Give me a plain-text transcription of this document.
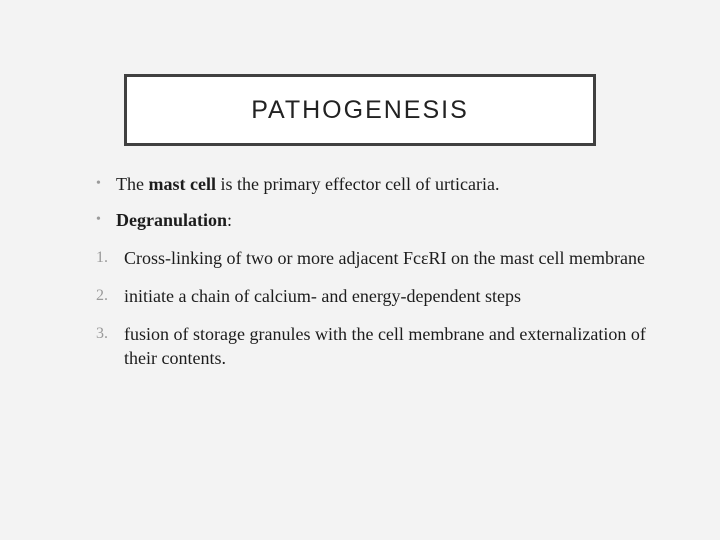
PATHOGENESIS
• The mast cell is the primary effector cell of urticaria.
• Degranulation:
1. Cross-linking of two or more adjacent FcεRI on the mast cell membrane
2. initiate a chain of calcium- and energy-dependent steps
3. fusion of storage granules with the cell membrane and externalization of their contents.
